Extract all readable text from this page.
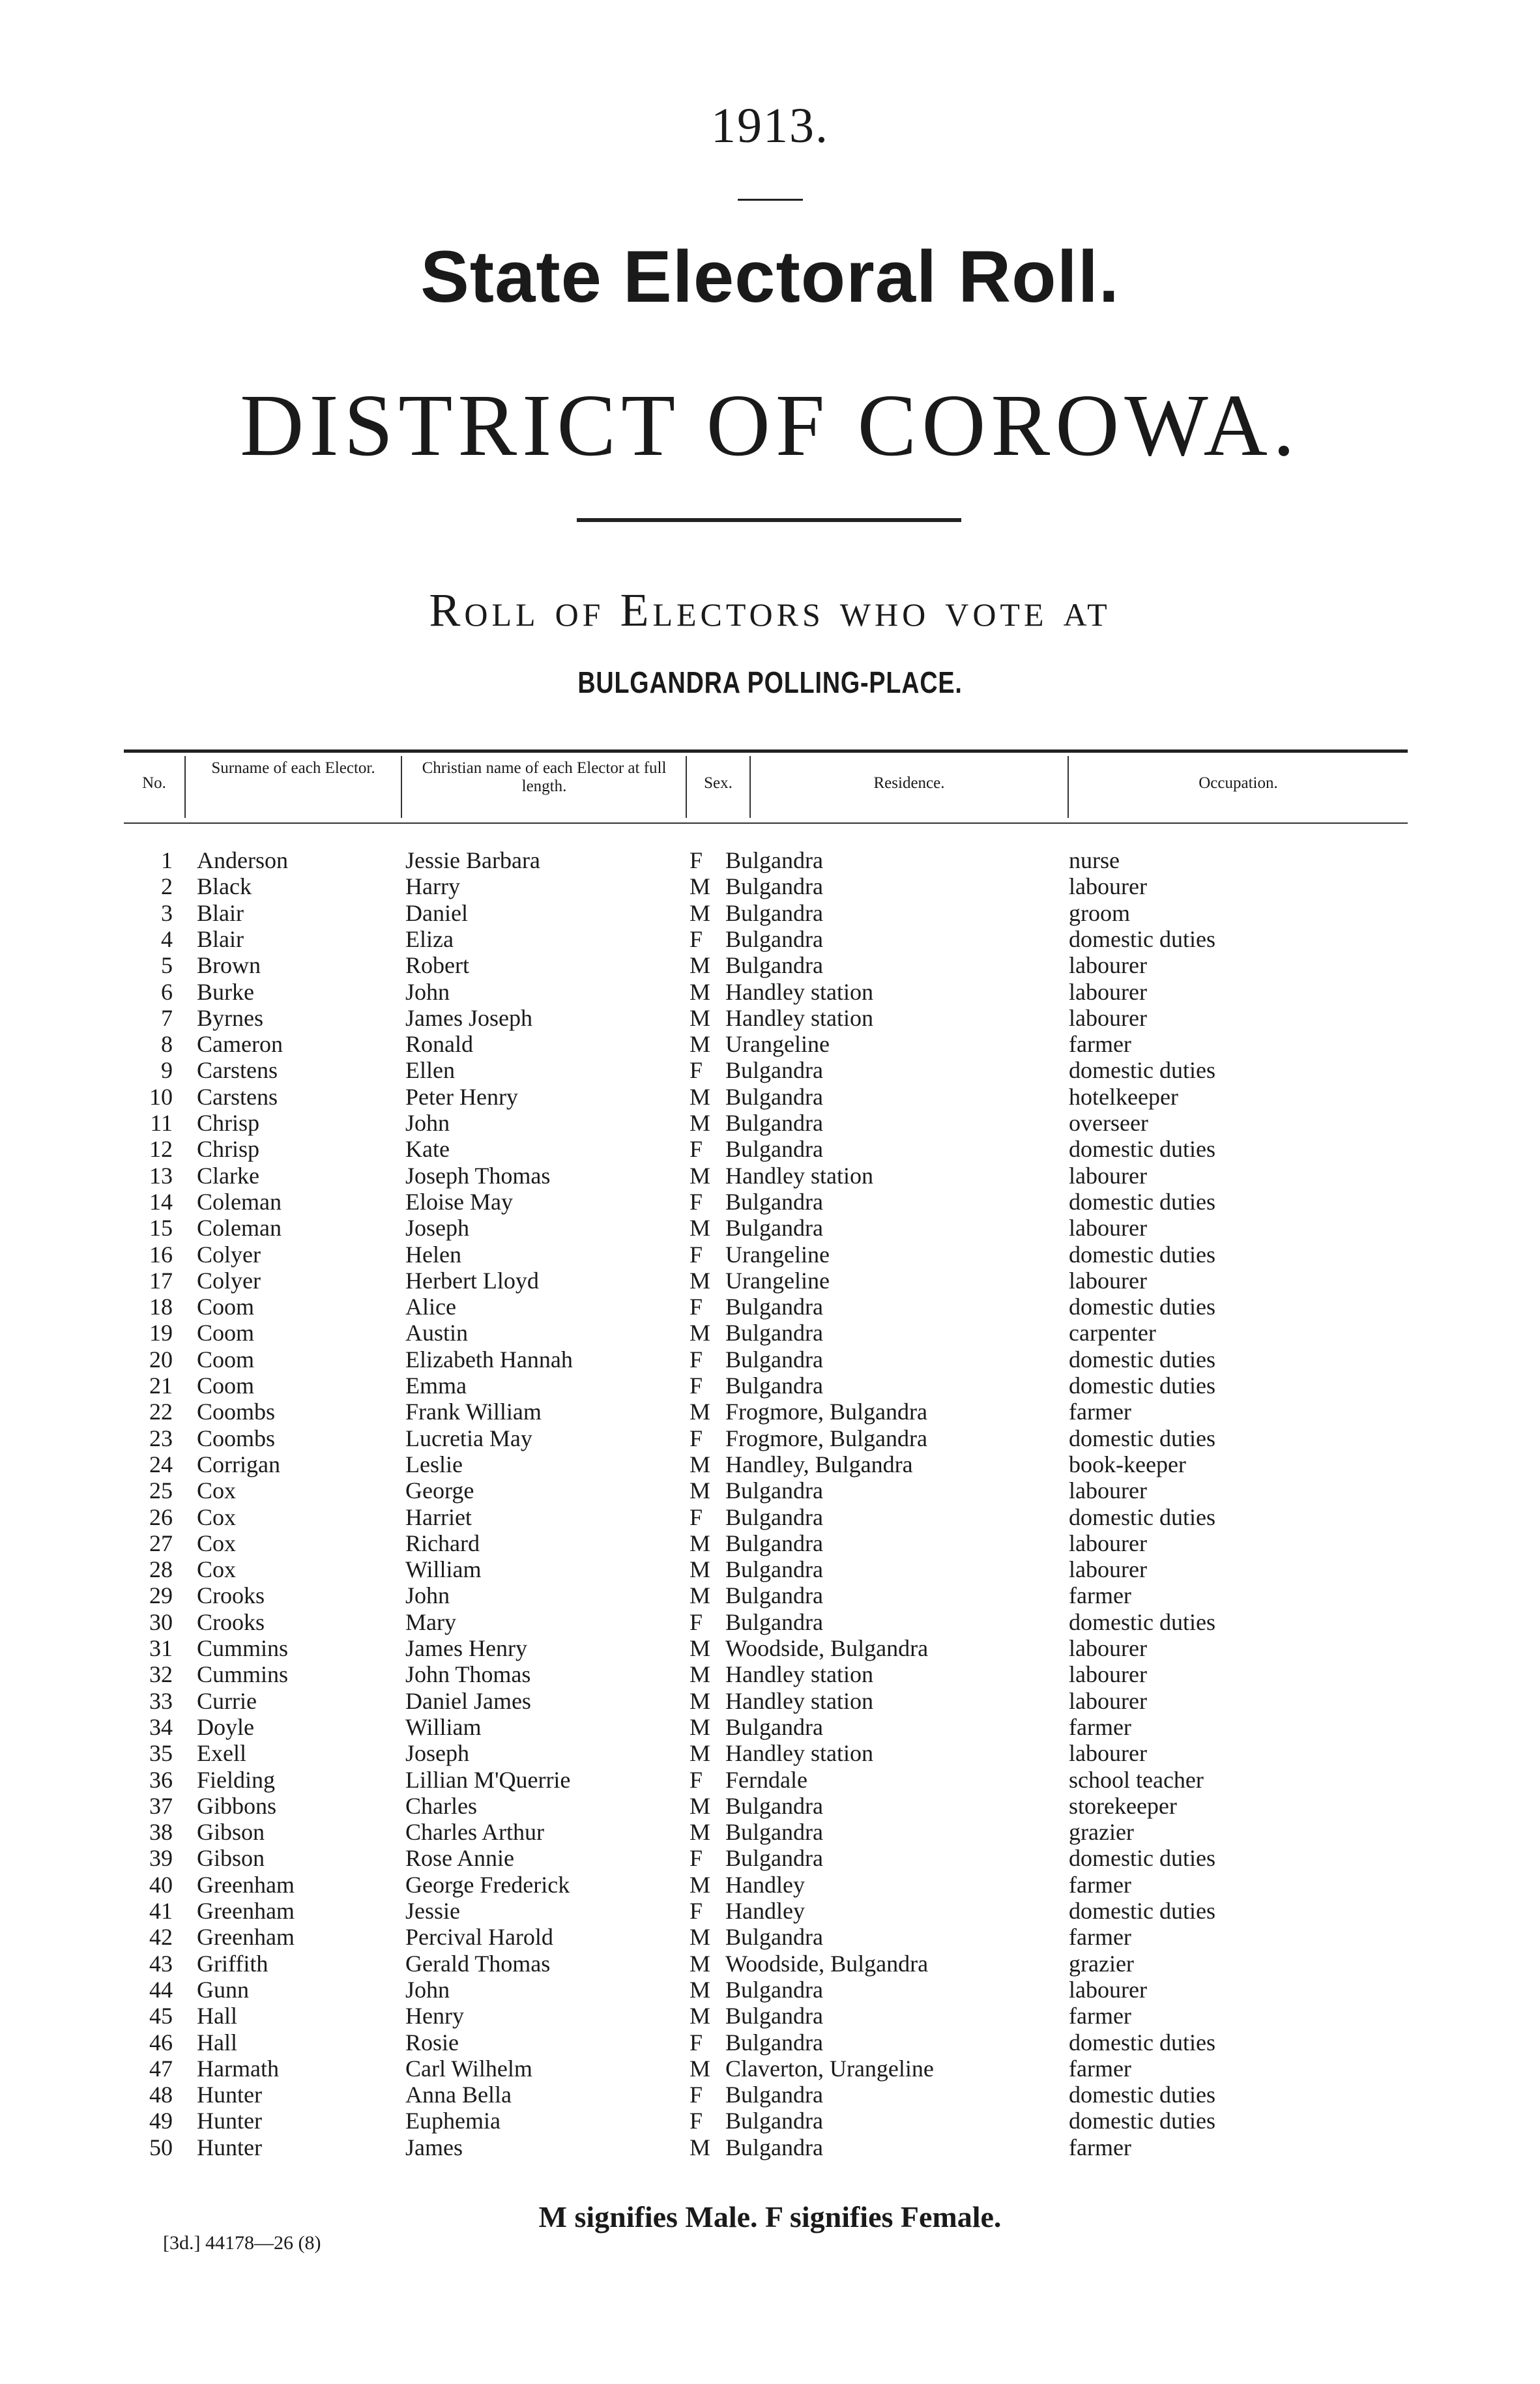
1913.
State Electoral Roll.
DISTRICT OF COROWA.
Roll of Electors who vote at
BULGANDRA POLLING-PLACE.
No.
Surname of each Elector.	Christian name of each Elector at full length.	Sex.	Residence.	Occupation.
1 Anderson	Jessie Barbara	F Bulgandra	nurse
2 Black	Harry	M Bulgandra	labourer
3 Blair	Daniel	M Bulgandra	groom
4 Blair	Eliza	F Bulgandra	domestic duties
5 Brown	Robert	M Bulgandra	labourer
6 Burke	John	M Handley station	labourer
7 Byrnes	James Joseph	M Handley station	labourer
8 Cameron	Ronald	M Urangeline	farmer
9 Carstens	Ellen	F Bulgandra	domestic duties
10 Carstens	Peter Henry	M Bulgandra	hotelkeeper
11 Chrisp	John	M Bulgandra	overseer
12 Chrisp	Kate	F Bulgandra	domestic duties
13 Clarke	Joseph Thomas	M Handley station	labourer
14 Coleman	Eloise May	F Bulgandra	domestic duties
15 Coleman	Joseph	M Bulgandra	labourer
16 Colyer	Helen	F Urangeline	domestic duties
17 Colyer	Herbert Lloyd	M Urangeline	labourer
18 Coom	Alice	F Bulgandra	domestic duties
19 Coom	Austin	M Bulgandra	carpenter
20 Coom	Elizabeth Hannah	F Bulgandra	domestic duties
21 Coom	Emma	F Bulgandra	domestic duties
22 Coombs	Frank William	M Frogmore, Bulgandra	farmer
23 Coombs	Lucretia May	F Frogmore, Bulgandra	domestic duties
24 Corrigan	Leslie	M Handley, Bulgandra	book-keeper
25 Cox	George	M Bulgandra	labourer
26 Cox	Harriet	F Bulgandra	domestic duties
27 Cox	Richard	M Bulgandra	labourer
28 Cox	William	M Bulgandra	labourer
29 Crooks	John	M Bulgandra	farmer
30 Crooks	Mary	F Bulgandra	domestic duties
31 Cummins	James Henry	M Woodside, Bulgandra	labourer
32 Cummins	John Thomas	M Handley station	labourer
33 Currie	Daniel James	M Handley station	labourer
34 Doyle	William	M Bulgandra	farmer
35 Exell	Joseph	M Handley station	labourer
36 Fielding	Lillian M'Querrie	F Ferndale	school teacher
37 Gibbons	Charles	M Bulgandra	storekeeper
38 Gibson	Charles Arthur	M Bulgandra	grazier
39 Gibson	Rose Annie	F Bulgandra	domestic duties
40 Greenham	George Frederick	M Handley	farmer
41 Greenham	Jessie	F Handley	domestic duties
42 Greenham	Percival Harold	M Bulgandra	farmer
43 Griffith	Gerald Thomas	M Woodside, Bulgandra	grazier
44 Gunn	John	M Bulgandra	labourer
45 Hall	Henry	M Bulgandra	farmer
46 Hall	Rosie	F Bulgandra	domestic duties
47 Harmath	Carl Wilhelm	M Claverton, Urangeline	farmer
48 Hunter	Anna Bella	F Bulgandra	domestic duties
49 Hunter	Euphemia	F Bulgandra	domestic duties
50 Hunter	James	M Bulgandra	farmer
M signifies Male. F signifies Female.
[3d.] 44178—26 (8)
